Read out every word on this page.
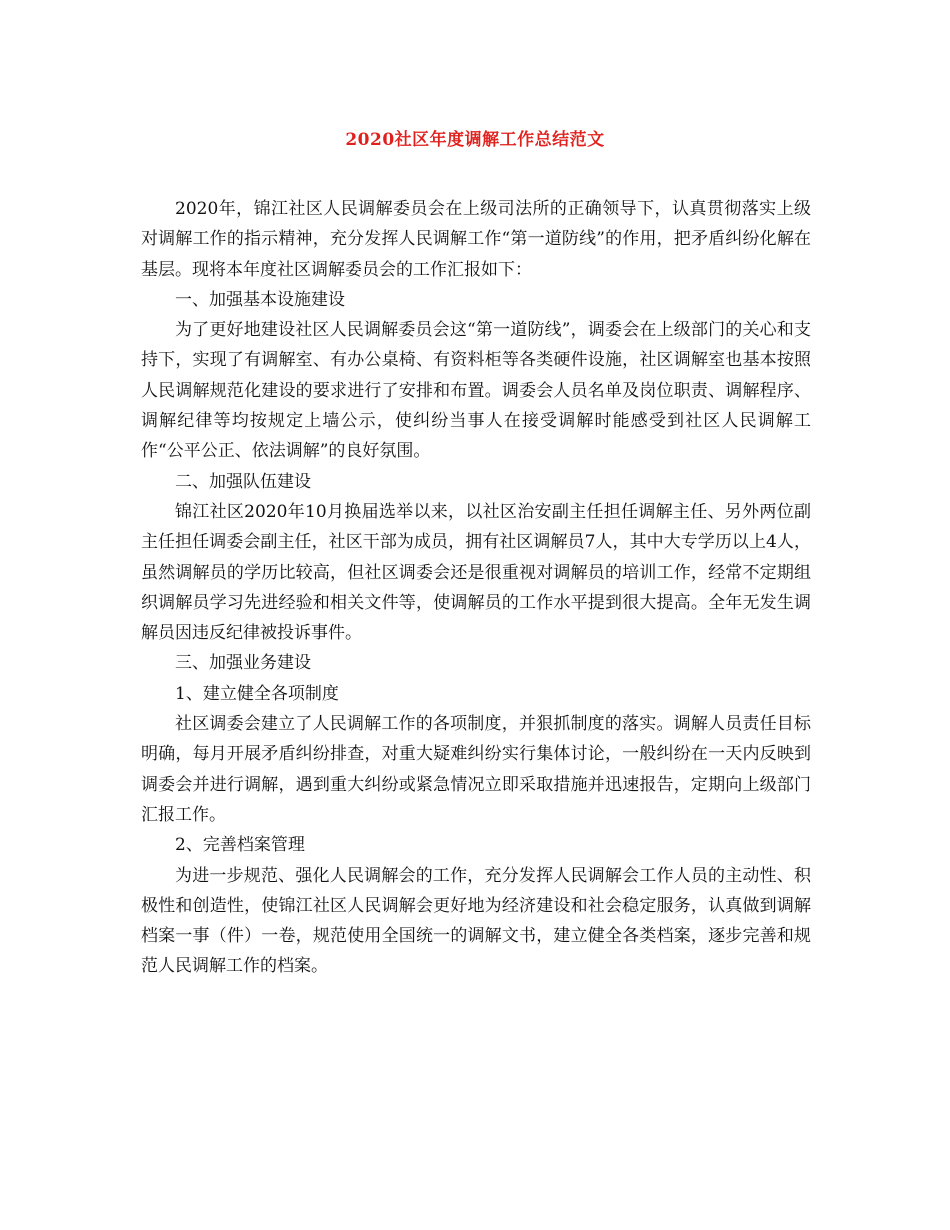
2020社区年度调解工作总结范文

2020年，锦江社区人民调解委员会在上级司法所的正确领导下，认真贯彻落实上级对调解工作的指示精神，充分发挥人民调解工作“第一道防线”的作用，把矛盾纠纷化解在基层。现将本年度社区调解委员会的工作汇报如下：

一、加强基本设施建设

为了更好地建设社区人民调解委员会这“第一道防线”，调委会在上级部门的关心和支持下，实现了有调解室、有办公桌椅、有资料柜等各类硬件设施，社区调解室也基本按照人民调解规范化建设的要求进行了安排和布置。调委会人员名单及岗位职责、调解程序、调解纪律等均按规定上墙公示，使纠纷当事人在接受调解时能感受到社区人民调解工作“公平公正、依法调解”的良好氛围。

二、加强队伍建设

锦江社区2020年10月换届选举以来，以社区治安副主任担任调解主任、另外两位副主任担任调委会副主任，社区干部为成员，拥有社区调解员7人，其中大专学历以上4人，虽然调解员的学历比较高，但社区调委会还是很重视对调解员的培训工作，经常不定期组织调解员学习先进经验和相关文件等，使调解员的工作水平提到很大提高。全年无发生调解员因违反纪律被投诉事件。

三、加强业务建设

1、建立健全各项制度

社区调委会建立了人民调解工作的各项制度，并狠抓制度的落实。调解人员责任目标明确，每月开展矛盾纠纷排查，对重大疑难纠纷实行集体讨论，一般纠纷在一天内反映到调委会并进行调解，遇到重大纠纷或紧急情况立即采取措施并迅速报告，定期向上级部门汇报工作。

2、完善档案管理

为进一步规范、强化人民调解会的工作，充分发挥人民调解会工作人员的主动性、积极性和创造性，使锦江社区人民调解会更好地为经济建设和社会稳定服务，认真做到调解档案一事（件）一卷，规范使用全国统一的调解文书，建立健全各类档案，逐步完善和规范人民调解工作的档案。
